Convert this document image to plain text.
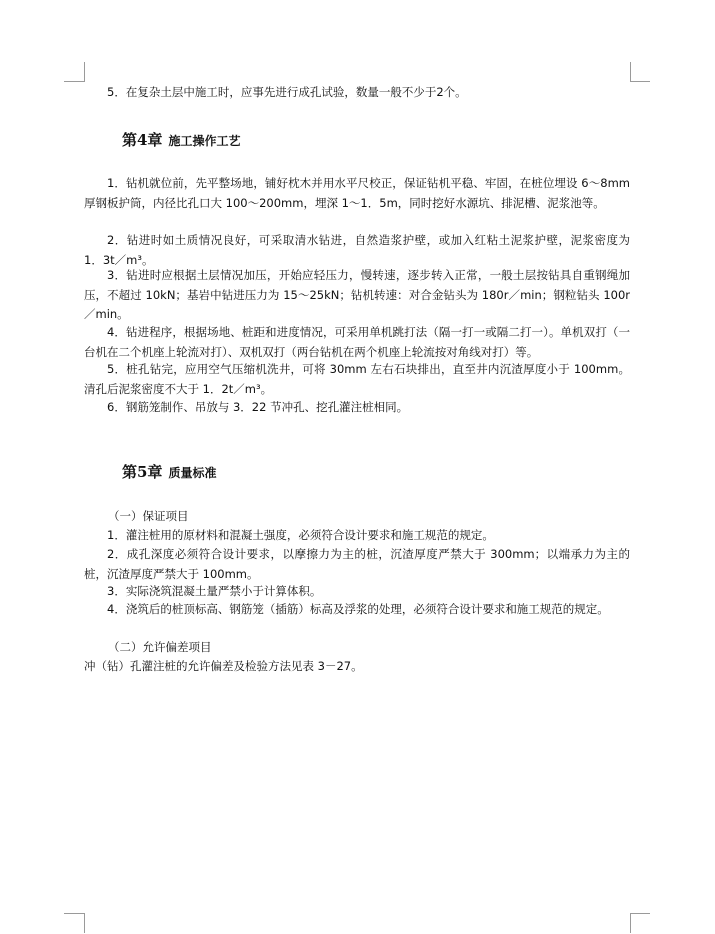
5．在复杂土层中施工时，应事先进行成孔试验，数量一般不少于2个。
第4章 施工操作工艺
1．钻机就位前，先平整场地，铺好枕木并用水平尺校正，保证钻机平稳、牢固，在桩位埋设 6～8mm 厚钢板护筒，内径比孔口大 100～200mm，埋深 1～1．5m，同时挖好水源坑、排泥槽、泥浆池等。
2．钻进时如土质情况良好，可采取清水钻进，自然造浆护壁，或加入红粘土泥浆护壁，泥浆密度为 1．3t／m³。
3．钻进时应根据土层情况加压，开始应轻压力，慢转速，逐步转入正常，一般土层按钻具自重钢绳加压，不超过 10kN；基岩中钻进压力为 15～25kN；钻机转速：对合金钻头为 180r／min；钢粒钻头 100r／min。
4．钻进程序，根据场地、桩距和进度情况，可采用单机跳打法（隔一打一或隔二打一）。单机双打（一台机在二个机座上轮流对打）、双机双打（两台钻机在两个机座上轮流按对角线对打）等。
5．桩孔钻完，应用空气压缩机洗井，可将 30mm 左右石块排出，直至井内沉渣厚度小于 100mm。清孔后泥浆密度不大于 1．2t／m³。
6．钢筋笼制作、吊放与 3．22 节冲孔、挖孔灌注桩相同。
第5章 质量标准
（一）保证项目
1．灌注桩用的原材料和混凝土强度，必须符合设计要求和施工规范的规定。
2．成孔深度必须符合设计要求，以摩擦力为主的桩，沉渣厚度严禁大于 300mm；以端承力为主的桩，沉渣厚度严禁大于 100mm。
3．实际浇筑混凝土量严禁小于计算体积。
4．浇筑后的桩顶标高、钢筋笼（插筋）标高及浮浆的处理，必须符合设计要求和施工规范的规定。
（二）允许偏差项目
冲（钻）孔灌注桩的允许偏差及检验方法见表 3－27。
